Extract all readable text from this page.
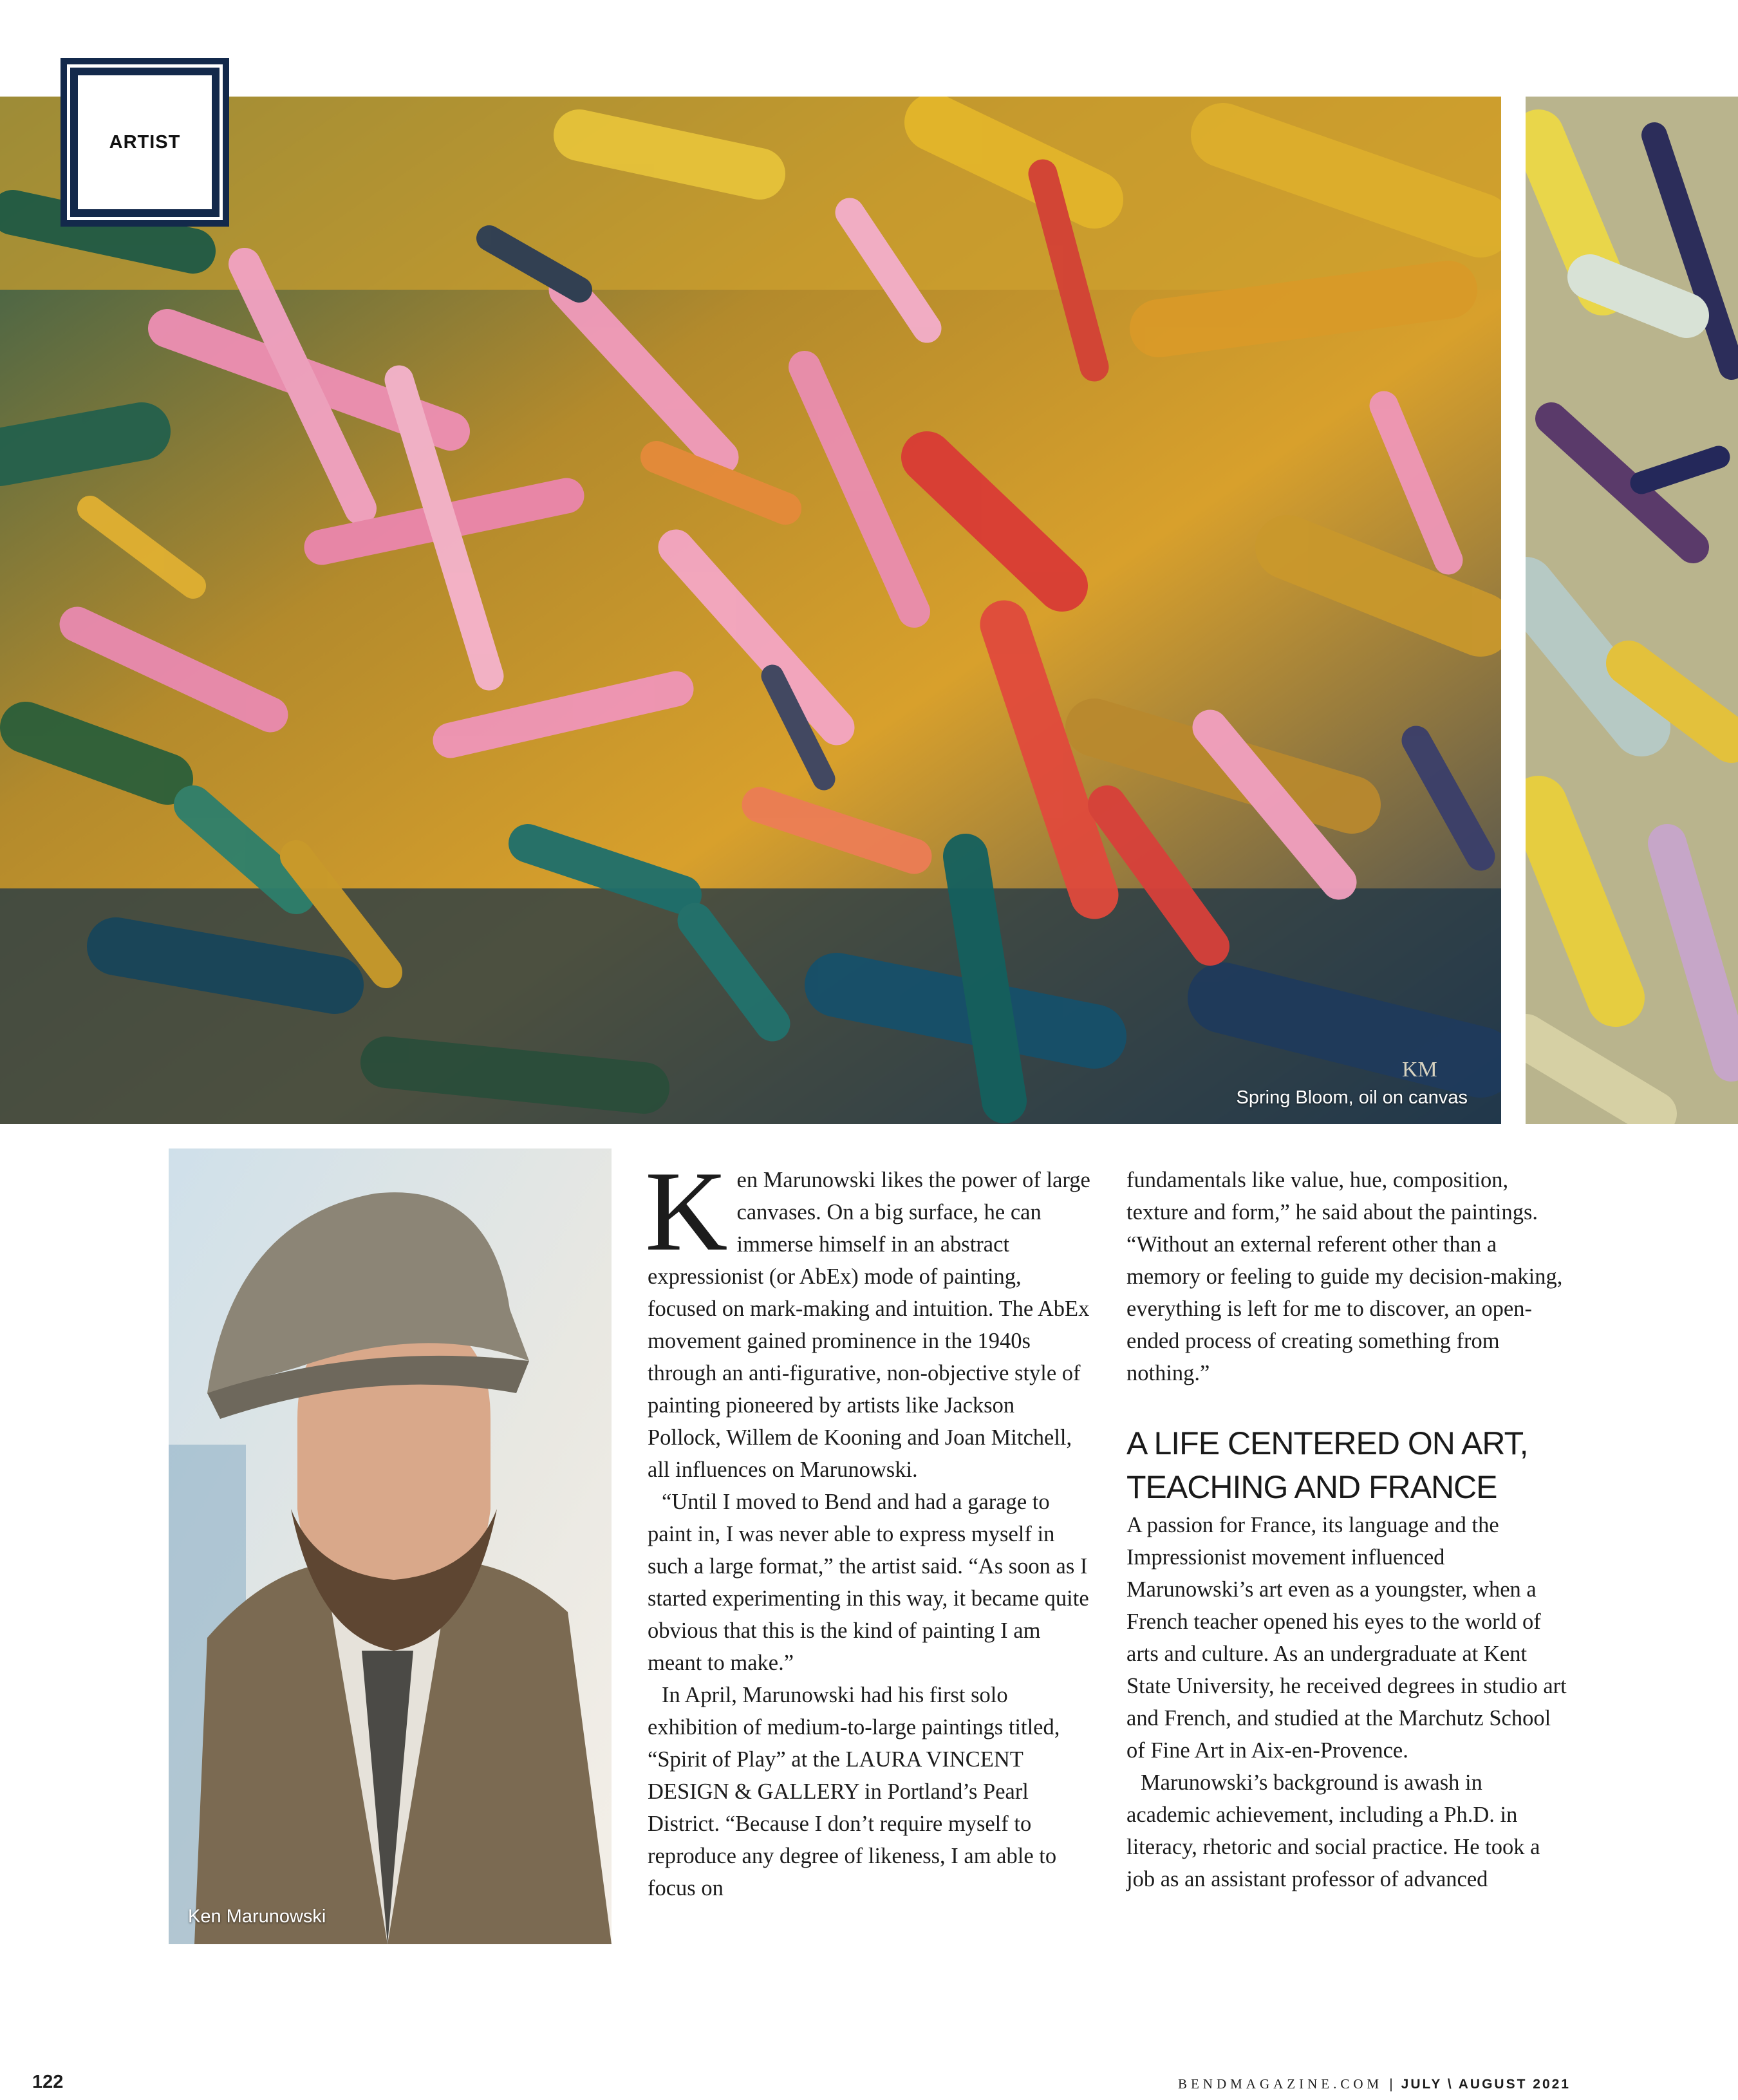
ARTIST
KM
Spring Bloom, oil on canvas
Ken Marunowski

Ken Marunowski likes the power of large canvases. On a big surface, he can immerse himself in an abstract expressionist (or AbEx) mode of painting, focused on mark-making and intuition. The AbEx movement gained prominence in the 1940s through an anti-figurative, non-objective style of painting pioneered by artists like Jackson Pollock, Willem de Kooning and Joan Mitchell, all influences on Marunowski.

“Until I moved to Bend and had a garage to paint in, I was never able to express myself in such a large format,” the artist said. “As soon as I started experimenting in this way, it became quite obvious that this is the kind of painting I am meant to make.”

In April, Marunowski had his first solo exhibition of medium-to-large paintings titled, “Spirit of Play” at the LAURA VINCENT DESIGN & GALLERY in Portland’s Pearl District. “Because I don’t require myself to reproduce any degree of likeness, I am able to focus on

fundamentals like value, hue, composition, texture and form,” he said about the paintings. “Without an external referent other than a memory or feeling to guide my decision-making, everything is left for me to discover, an open-ended process of creating something from nothing.”

A LIFE CENTERED ON ART, TEACHING AND FRANCE

A passion for France, its language and the Impressionist movement influenced Marunowski’s art even as a youngster, when a French teacher opened his eyes to the world of arts and culture. As an undergraduate at Kent State University, he received degrees in studio art and French, and studied at the Marchutz School of Fine Art in Aix-en-Provence.

Marunowski’s background is awash in academic achievement, including a Ph.D. in literacy, rhetoric and social practice. He took a job as an assistant professor of advanced

122	BENDMAGAZINE.COM | JULY \ AUGUST 2021
